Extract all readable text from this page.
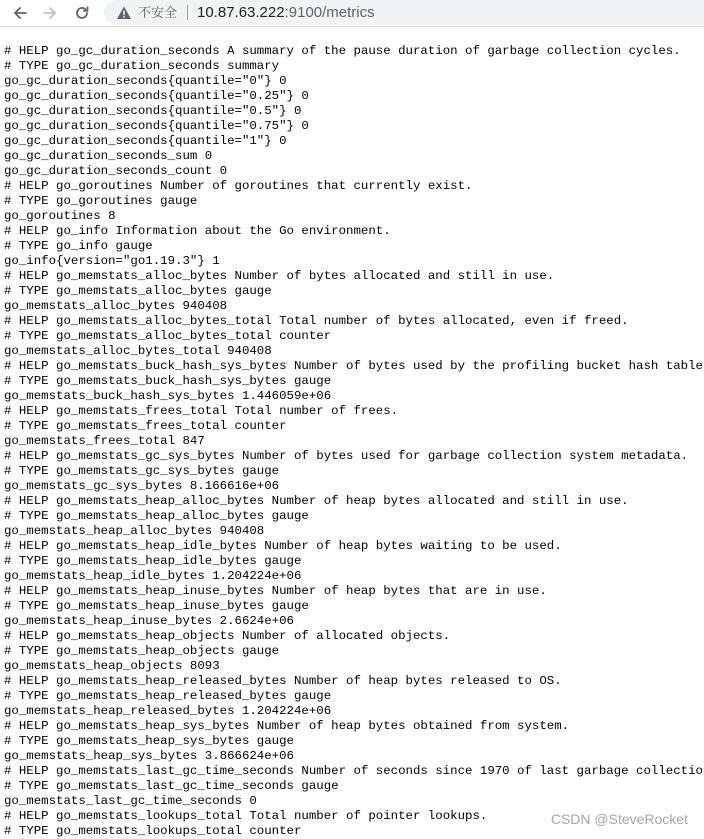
不安全 10.87.63.222:9100/metrics
# HELP go_gc_duration_seconds A summary of the pause duration of garbage collection cycles.
# TYPE go_gc_duration_seconds summary
go_gc_duration_seconds{quantile="0"} 0
go_gc_duration_seconds{quantile="0.25"} 0
go_gc_duration_seconds{quantile="0.5"} 0
go_gc_duration_seconds{quantile="0.75"} 0
go_gc_duration_seconds{quantile="1"} 0
go_gc_duration_seconds_sum 0
go_gc_duration_seconds_count 0
# HELP go_goroutines Number of goroutines that currently exist.
# TYPE go_goroutines gauge
go_goroutines 8
# HELP go_info Information about the Go environment.
# TYPE go_info gauge
go_info{version="go1.19.3"} 1
# HELP go_memstats_alloc_bytes Number of bytes allocated and still in use.
# TYPE go_memstats_alloc_bytes gauge
go_memstats_alloc_bytes 940408
# HELP go_memstats_alloc_bytes_total Total number of bytes allocated, even if freed.
# TYPE go_memstats_alloc_bytes_total counter
go_memstats_alloc_bytes_total 940408
# HELP go_memstats_buck_hash_sys_bytes Number of bytes used by the profiling bucket hash table.
# TYPE go_memstats_buck_hash_sys_bytes gauge
go_memstats_buck_hash_sys_bytes 1.446059e+06
# HELP go_memstats_frees_total Total number of frees.
# TYPE go_memstats_frees_total counter
go_memstats_frees_total 847
# HELP go_memstats_gc_sys_bytes Number of bytes used for garbage collection system metadata.
# TYPE go_memstats_gc_sys_bytes gauge
go_memstats_gc_sys_bytes 8.166616e+06
# HELP go_memstats_heap_alloc_bytes Number of heap bytes allocated and still in use.
# TYPE go_memstats_heap_alloc_bytes gauge
go_memstats_heap_alloc_bytes 940408
# HELP go_memstats_heap_idle_bytes Number of heap bytes waiting to be used.
# TYPE go_memstats_heap_idle_bytes gauge
go_memstats_heap_idle_bytes 1.204224e+06
# HELP go_memstats_heap_inuse_bytes Number of heap bytes that are in use.
# TYPE go_memstats_heap_inuse_bytes gauge
go_memstats_heap_inuse_bytes 2.6624e+06
# HELP go_memstats_heap_objects Number of allocated objects.
# TYPE go_memstats_heap_objects gauge
go_memstats_heap_objects 8093
# HELP go_memstats_heap_released_bytes Number of heap bytes released to OS.
# TYPE go_memstats_heap_released_bytes gauge
go_memstats_heap_released_bytes 1.204224e+06
# HELP go_memstats_heap_sys_bytes Number of heap bytes obtained from system.
# TYPE go_memstats_heap_sys_bytes gauge
go_memstats_heap_sys_bytes 3.866624e+06
# HELP go_memstats_last_gc_time_seconds Number of seconds since 1970 of last garbage collection.
# TYPE go_memstats_last_gc_time_seconds gauge
go_memstats_last_gc_time_seconds 0
# HELP go_memstats_lookups_total Total number of pointer lookups.
# TYPE go_memstats_lookups_total counter	CSDN @SteveRocket
